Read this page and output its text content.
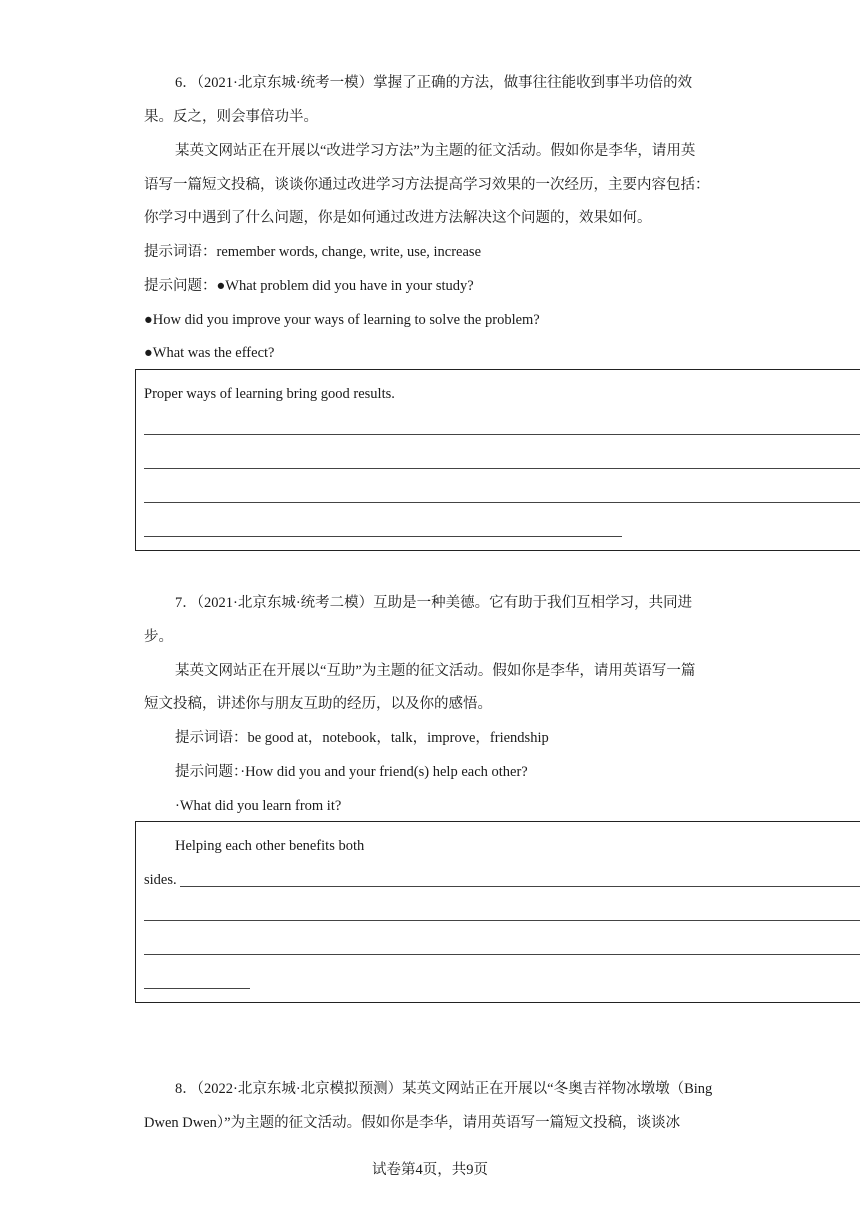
6．（2021·北京东城·统考一模）掌握了正确的方法，做事往往能收到事半功倍的效
果。反之，则会事倍功半。
某英文网站正在开展以“改进学习方法”为主题的征文活动。假如你是李华，请用英
语写一篇短文投稿，谈谈你通过改进学习方法提高学习效果的一次经历，主要内容包括：
你学习中遇到了什么问题，你是如何通过改进方法解决这个问题的，效果如何。
提示词语：remember words, change, write, use, increase
提示问题：●What problem did you have in your study?
●How did you improve your ways of learning to solve the problem?
●What was the effect?
Proper ways of learning bring good results.
7．（2021·北京东城·统考二模）互助是一种美德。它有助于我们互相学习，共同进
步。
某英文网站正在开展以“互助”为主题的征文活动。假如你是李华，请用英语写一篇
短文投稿，讲述你与朋友互助的经历，以及你的感悟。
提示词语：be good at，notebook，talk，improve，friendship
提示问题：·How did you and your friend(s) help each other?
·What did you learn from it?
Helping each other benefits both
sides.
8．（2022·北京东城·北京模拟预测）某英文网站正在开展以“冬奥吉祥物冰墩墩（Bing
Dwen Dwen）”为主题的征文活动。假如你是李华，请用英语写一篇短文投稿，谈谈冰
试卷第4页，共9页
